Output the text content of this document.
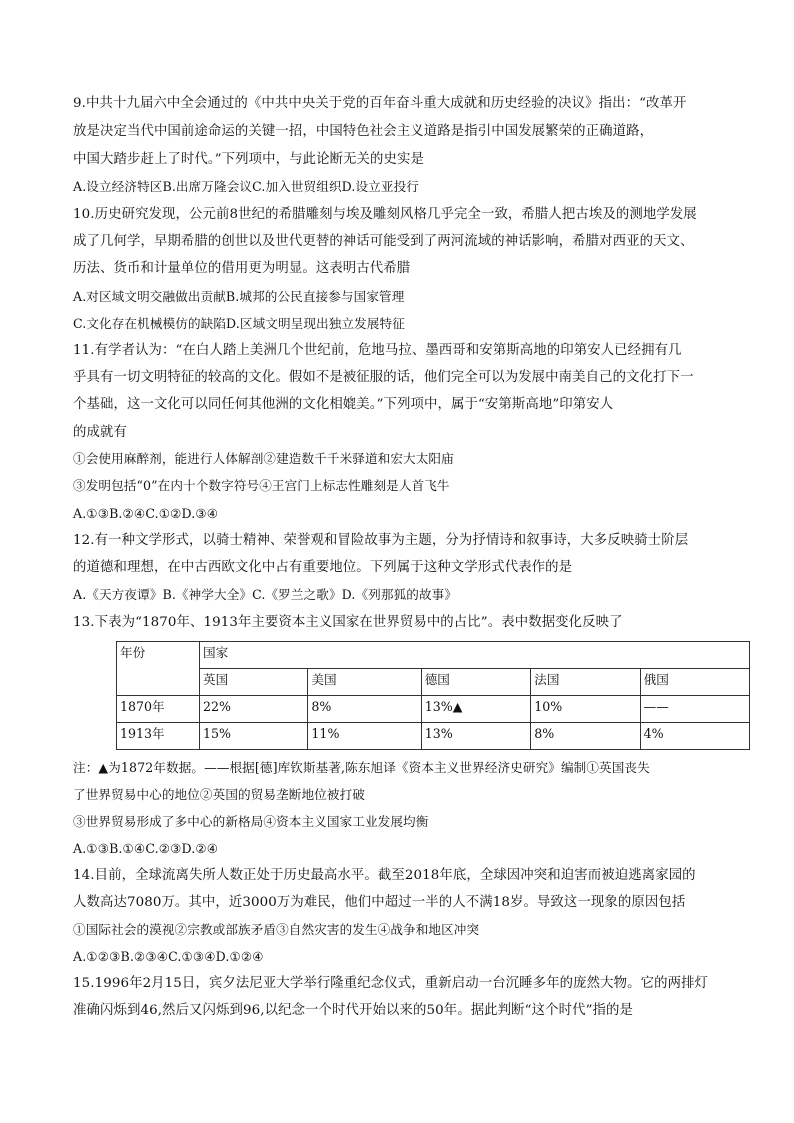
9.中共十九届六中全会通过的《中共中央关于党的百年奋斗重大成就和历史经验的决议》指出：“改革开
放是决定当代中国前途命运的关键一招，中国特色社会主义道路是指引中国发展繁荣的正确道路，
中国大踏步赶上了时代。”下列项中，与此论断无关的史实是
A.设立经济特区B.出席万隆会议C.加入世贸组织D.设立亚投行
10.历史研究发现，公元前8世纪的希腊雕刻与埃及雕刻风格几乎完全一致，希腊人把古埃及的测地学发展
成了几何学，早期希腊的创世以及世代更替的神话可能受到了两河流域的神话影响，希腊对西亚的天文、
历法、货币和计量单位的借用更为明显。这表明古代希腊
A.对区域文明交融做出贡献B.城邦的公民直接参与国家管理
C.文化存在机械模仿的缺陷D.区域文明呈现出独立发展特征
11.有学者认为：“在白人踏上美洲几个世纪前，危地马拉、墨西哥和安第斯高地的印第安人已经拥有几
乎具有一切文明特征的较高的文化。假如不是被征服的话，他们完全可以为发展中南美自己的文化打下一
个基础，这一文化可以同任何其他洲的文化相媲美。”下列项中，属于“安第斯高地”印第安人
的成就有
①会使用麻醉剂，能进行人体解剖②建造数千千米驿道和宏大太阳庙
③发明包括“0”在内十个数字符号④王宫门上标志性雕刻是人首飞牛
A.①③B.②④C.①②D.③④
12.有一种文学形式，以骑士精神、荣誉观和冒险故事为主题，分为抒情诗和叙事诗，大多反映骑士阶层
的道德和理想，在中古西欧文化中占有重要地位。下列属于这种文学形式代表作的是
A.《天方夜谭》B.《神学大全》C.《罗兰之歌》D.《列那狐的故事》
13.下表为“1870年、1913年主要资本主义国家在世界贸易中的占比”。表中数据变化反映了
年份	国家				
	英国	美国	德国	法国	俄国
1870年	22%	8%	13%▲	10%	——
1913年	15%	11%	13%	8%	4%
注：▲为1872年数据。——根据[德]库钦斯基著,陈东旭译《资本主义世界经济史研究》编制①英国丧失
了世界贸易中心的地位②英国的贸易垄断地位被打破
③世界贸易形成了多中心的新格局④资本主义国家工业发展均衡
A.①③B.①④C.②③D.②④
14.目前，全球流离失所人数正处于历史最高水平。截至2018年底，全球因冲突和迫害而被迫逃离家园的
人数高达7080万。其中，近3000万为难民，他们中超过一半的人不满18岁。导致这一现象的原因包括
①国际社会的漠视②宗教或部族矛盾③自然灾害的发生④战争和地区冲突
A.①②③B.②③④C.①③④D.①②④
15.1996年2月15日，宾夕法尼亚大学举行隆重纪念仪式，重新启动一台沉睡多年的庞然大物。它的两排灯
准确闪烁到46,然后又闪烁到96,以纪念一个时代开始以来的50年。据此判断“这个时代”指的是
